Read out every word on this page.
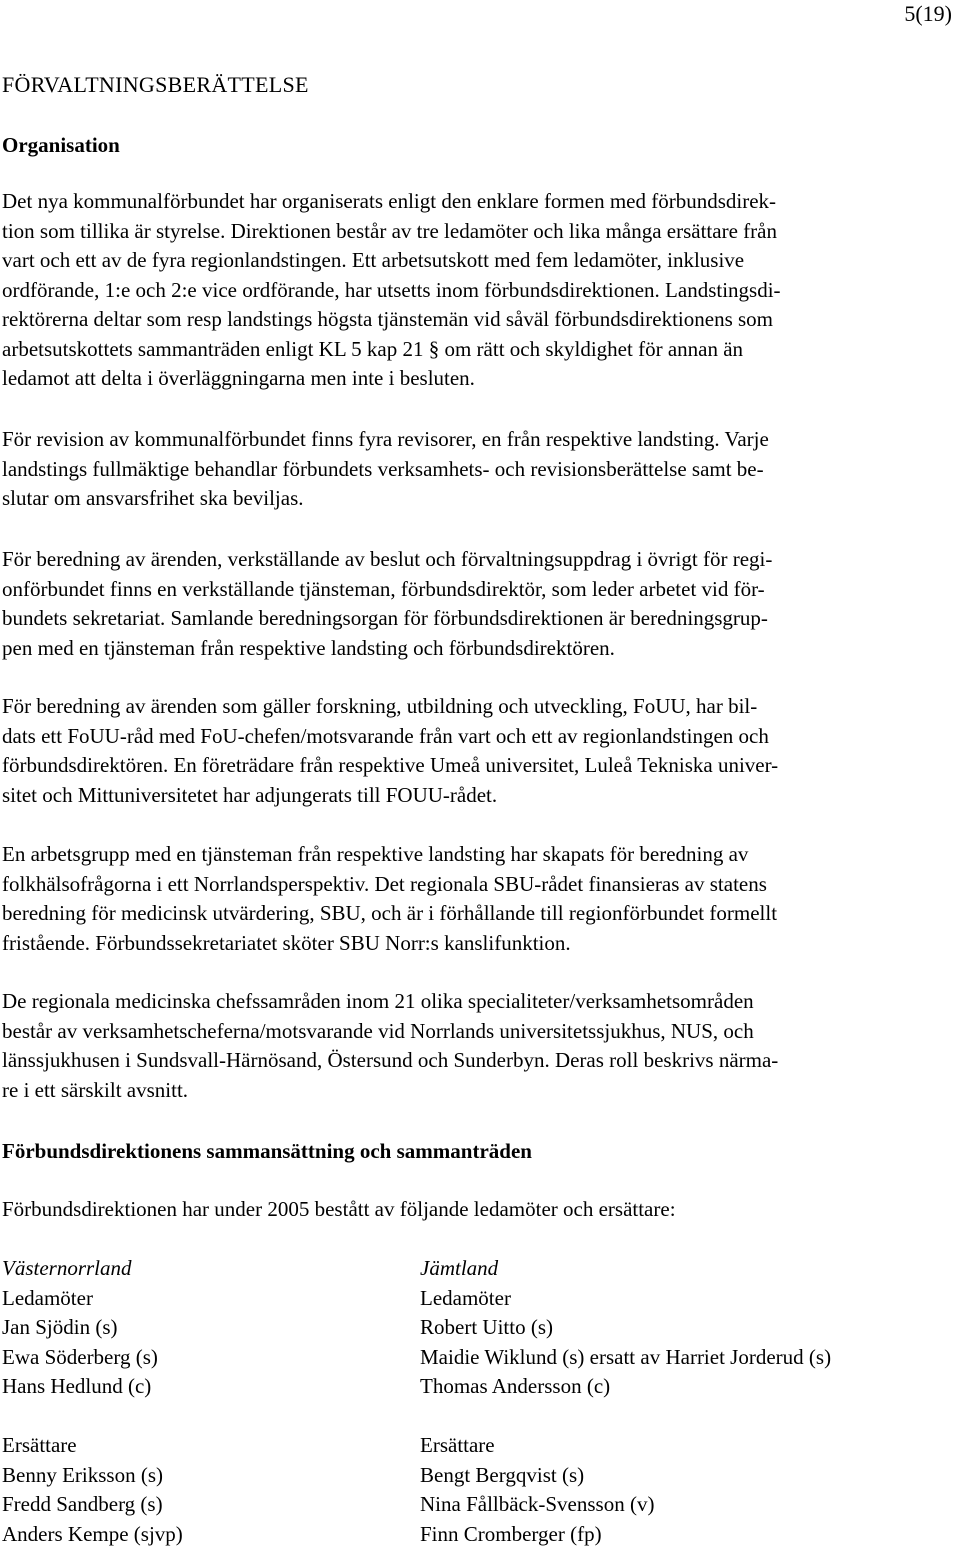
5(19)
FÖRVALTNINGSBERÄTTELSE
Organisation

Det nya kommunalförbundet har organiserats enligt den enklare formen med förbundsdirek-
tion som tillika är styrelse. Direktionen består av tre ledamöter och lika många ersättare från
vart och ett av de fyra regionlandstingen. Ett arbetsutskott med fem ledamöter, inklusive
ordförande, 1:e och 2:e vice ordförande, har utsetts inom förbundsdirektionen. Landstingsdi-
rektörerna deltar som resp landstings högsta tjänstemän vid såväl förbundsdirektionens som
arbetsutskottets sammanträden enligt KL 5 kap 21 § om rätt och skyldighet för annan än
ledamot att delta i överläggningarna men inte i besluten.

För revision av kommunalförbundet finns fyra revisorer, en från respektive landsting. Varje
landstings fullmäktige behandlar förbundets verksamhets- och revisionsberättelse samt be-
slutar om ansvarsfrihet ska beviljas.

För beredning av ärenden, verkställande av beslut och förvaltningsuppdrag i övrigt för regi-
onförbundet finns en verkställande tjänsteman, förbundsdirektör, som leder arbetet vid för-
bundets sekretariat. Samlande beredningsorgan för förbundsdirektionen är beredningsgrup-
pen med en tjänsteman från respektive landsting och förbundsdirektören.

För beredning av ärenden som gäller forskning, utbildning och utveckling, FoUU, har bil-
dats ett FoUU-råd med FoU-chefen/motsvarande från vart och ett av regionlandstingen och
förbundsdirektören. En företrädare från respektive Umeå universitet, Luleå Tekniska univer-
sitet och Mittuniversitetet har adjungerats till FOUU-rådet.

En arbetsgrupp med en tjänsteman från respektive landsting har skapats för beredning av
folkhälsofrågorna i ett Norrlandsperspektiv. Det regionala SBU-rådet finansieras av statens
beredning för medicinsk utvärdering, SBU, och är i förhållande till regionförbundet formellt
fristående. Förbundssekretariatet sköter SBU Norr:s kanslifunktion.

De regionala medicinska chefssamråden inom 21 olika specialiteter/verksamhetsområden
består av verksamhetscheferna/motsvarande vid Norrlands universitetssjukhus, NUS, och
länssjukhusen i Sundsvall-Härnösand, Östersund och Sunderbyn. Deras roll beskrivs närma-
re i ett särskilt avsnitt.

Förbundsdirektionens sammansättning och sammanträden

Förbundsdirektionen har under 2005 bestått av följande ledamöter och ersättare:

Västernorrland
Ledamöter
Jan Sjödin (s)
Ewa Söderberg (s)
Hans Hedlund (c)
Ersättare
Benny Eriksson (s)
Fredd Sandberg (s)
Anders Kempe (sjvp)
Jämtland
Ledamöter
Robert Uitto (s)
Maidie Wiklund (s) ersatt av Harriet Jorderud (s)
Thomas Andersson (c)
Ersättare
Bengt Bergqvist (s)
Nina Fållbäck-Svensson (v)
Finn Cromberger (fp)
